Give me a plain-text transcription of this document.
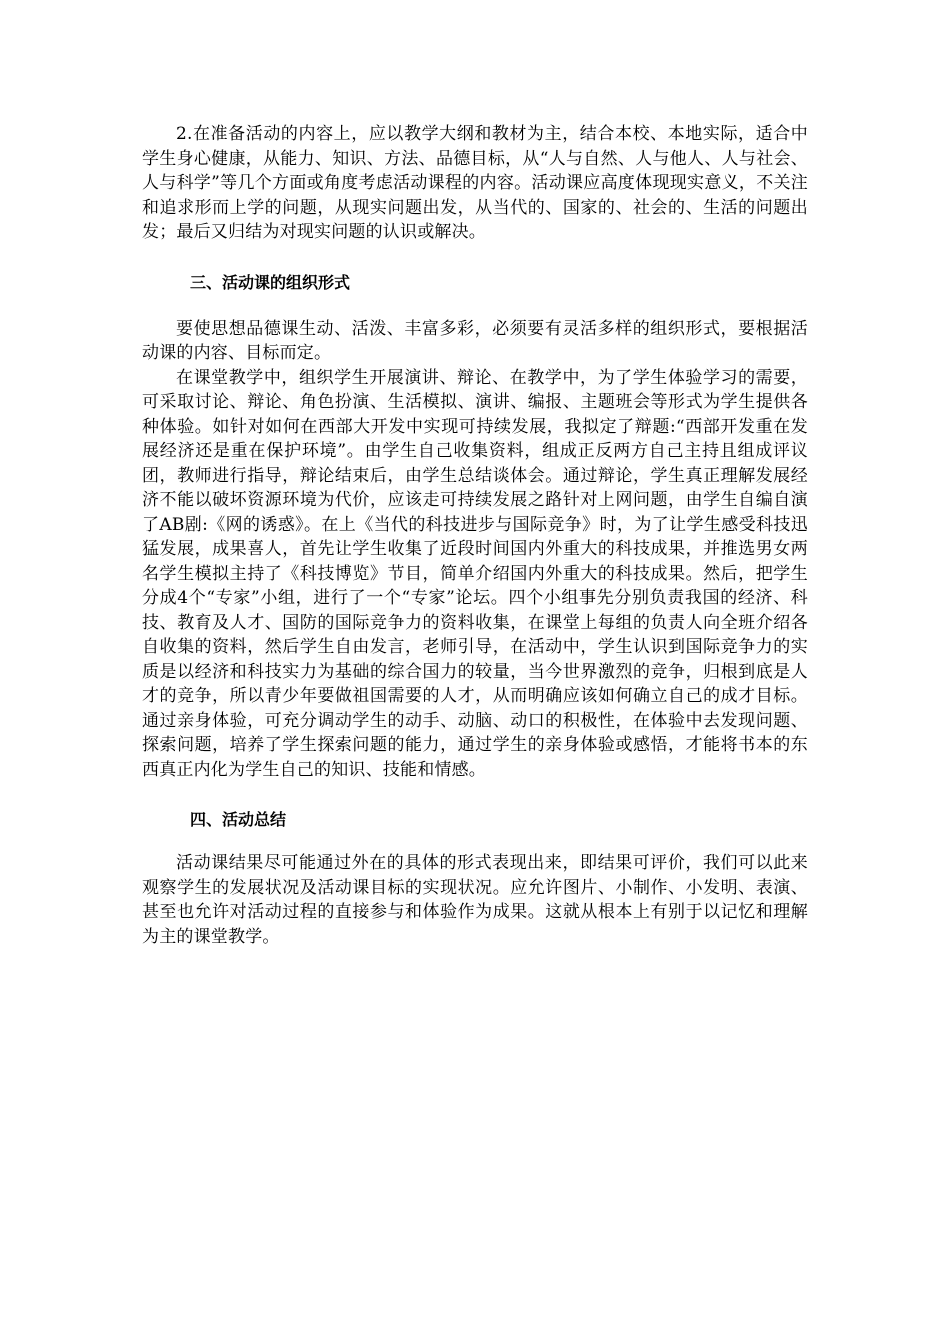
2.在准备活动的内容上，应以教学大纲和教材为主，结合本校、本地实际，适合中学生身心健康，从能力、知识、方法、品德目标，从“人与自然、人与他人、人与社会、人与科学”等几个方面或角度考虑活动课程的内容。活动课应高度体现现实意义，不关注和追求形而上学的问题，从现实问题出发，从当代的、国家的、社会的、生活的问题出发；最后又归结为对现实问题的认识或解决。

三、活动课的组织形式

要使思想品德课生动、活泼、丰富多彩，必须要有灵活多样的组织形式，要根据活动课的内容、目标而定。

在课堂教学中，组织学生开展演讲、辩论、在教学中，为了学生体验学习的需要，可采取讨论、辩论、角色扮演、生活模拟、演讲、编报、主题班会等形式为学生提供各种体验。如针对如何在西部大开发中实现可持续发展，我拟定了辩题:“西部开发重在发展经济还是重在保护环境”。由学生自己收集资料，组成正反两方自己主持且组成评议团，教师进行指导，辩论结束后，由学生总结谈体会。通过辩论，学生真正理解发展经济不能以破坏资源环境为代价，应该走可持续发展之路针对上网问题，由学生自编自演了AB剧:《网的诱惑》。在上《当代的科技进步与国际竞争》时，为了让学生感受科技迅猛发展，成果喜人，首先让学生收集了近段时间国内外重大的科技成果，并推选男女两名学生模拟主持了《科技博览》节目，简单介绍国内外重大的科技成果。然后，把学生分成4个“专家”小组，进行了一个“专家”论坛。四个小组事先分别负责我国的经济、科技、教育及人才、国防的国际竞争力的资料收集，在课堂上每组的负责人向全班介绍各自收集的资料，然后学生自由发言，老师引导，在活动中，学生认识到国际竞争力的实质是以经济和科技实力为基础的综合国力的较量，当今世界激烈的竞争，归根到底是人才的竞争，所以青少年要做祖国需要的人才，从而明确应该如何确立自己的成才目标。通过亲身体验，可充分调动学生的动手、动脑、动口的积极性，在体验中去发现问题、探索问题，培养了学生探索问题的能力，通过学生的亲身体验或感悟，才能将书本的东西真正内化为学生自己的知识、技能和情感。

四、活动总结

活动课结果尽可能通过外在的具体的形式表现出来，即结果可评价，我们可以此来观察学生的发展状况及活动课目标的实现状况。应允许图片、小制作、小发明、表演、甚至也允许对活动过程的直接参与和体验作为成果。这就从根本上有别于以记忆和理解为主的课堂教学。
